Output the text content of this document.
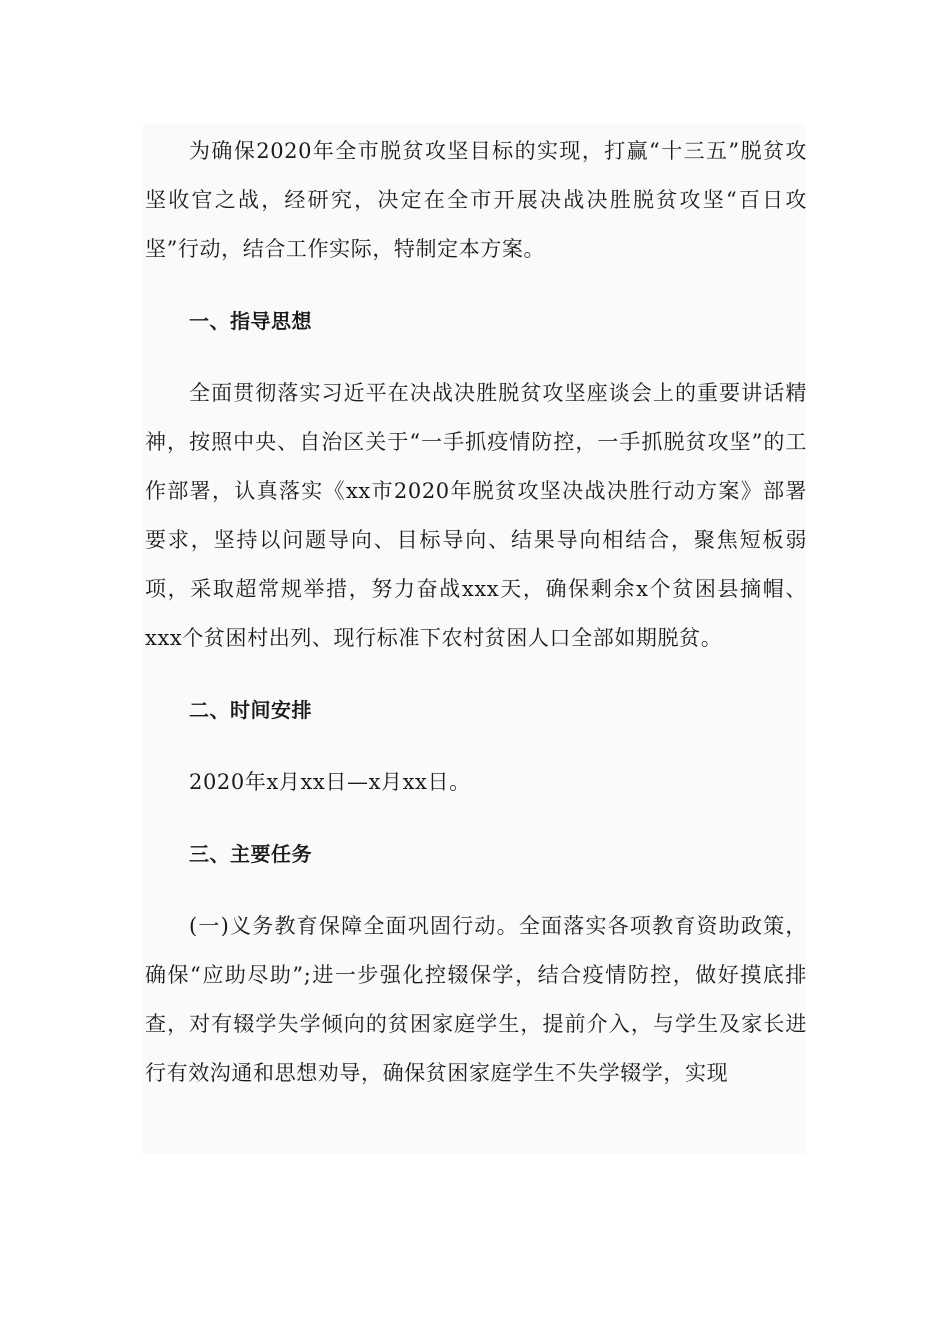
为确保2020年全市脱贫攻坚目标的实现，打赢“十三五”脱贫攻坚收官之战，经研究，决定在全市开展决战决胜脱贫攻坚“百日攻坚”行动，结合工作实际，特制定本方案。

一、指导思想

全面贯彻落实习近平在决战决胜脱贫攻坚座谈会上的重要讲话精神，按照中央、自治区关于“一手抓疫情防控，一手抓脱贫攻坚”的工作部署，认真落实《xx市2020年脱贫攻坚决战决胜行动方案》部署要求，坚持以问题导向、目标导向、结果导向相结合，聚焦短板弱项，采取超常规举措，努力奋战xxx天，确保剩余x个贫困县摘帽、xxx个贫困村出列、现行标准下农村贫困人口全部如期脱贫。

二、时间安排

2020年x月xx日—x月xx日。

三、主要任务

(一)义务教育保障全面巩固行动。全面落实各项教育资助政策，确保“应助尽助”;进一步强化控辍保学，结合疫情防控，做好摸底排查，对有辍学失学倾向的贫困家庭学生，提前介入，与学生及家长进行有效沟通和思想劝导，确保贫困家庭学生不失学辍学，实现
